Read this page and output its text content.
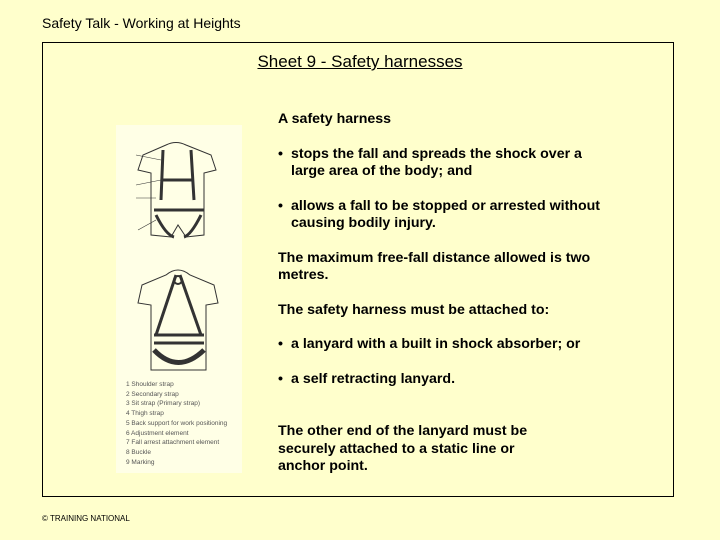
Safety Talk - Working at Heights
Sheet 9 - Safety harnesses
1 Shoulder strap
2 Secondary strap
3 Sit strap (Primary strap)
4 Thigh strap
5 Back support for work positioning
6 Adjustment element
7 Fall arrest attachment element
8 Buckle
9 Marking

A safety harness

• stops the fall and spreads the shock over a large area of the body; and
• allows a fall to be stopped or arrested without causing bodily injury.

The maximum free-fall distance allowed is two metres.

The safety harness must be attached to:

• a lanyard with a built in shock absorber; or
• a self retracting lanyard.

The other end of the lanyard must be securely attached to a static line or anchor point.

© TRAINING NATIONAL
